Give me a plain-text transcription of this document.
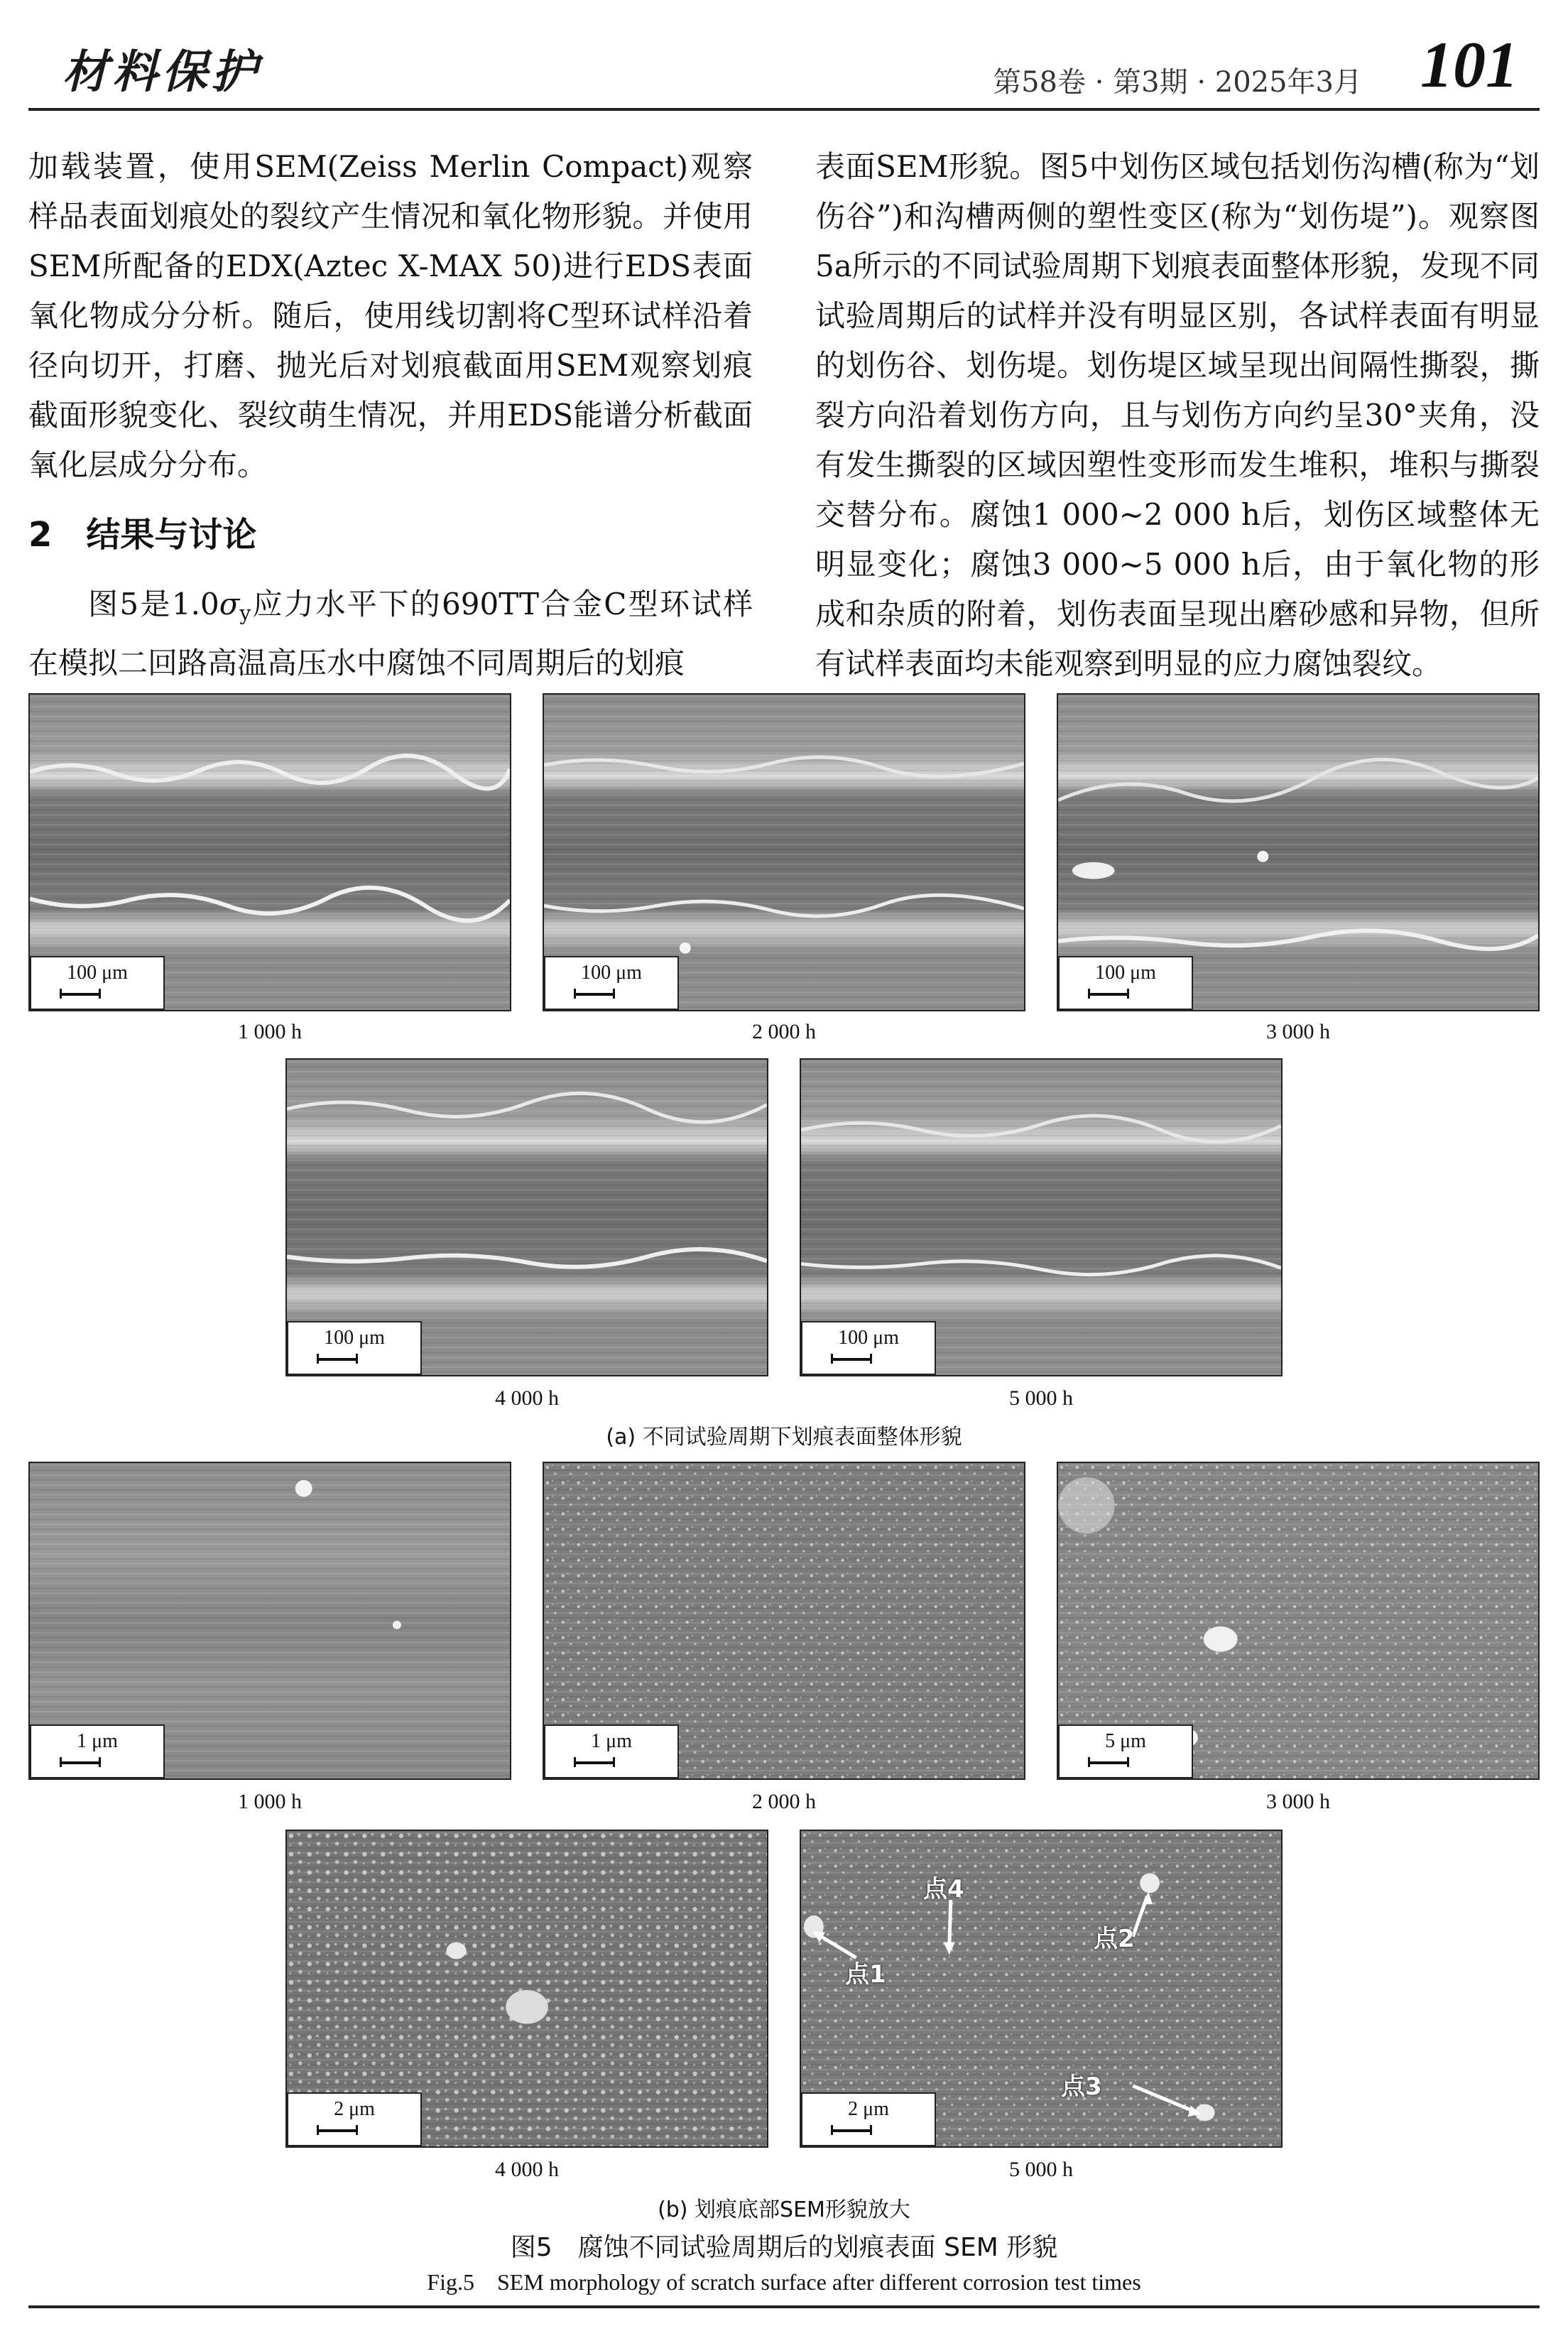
材料保护	第58卷 · 第3期 · 2025年3月 101

加载装置，使用SEM(Zeiss Merlin Compact)观察样品表面划痕处的裂纹产生情况和氧化物形貌。并使用SEM所配备的EDX(Aztec X-MAX 50)进行EDS表面氧化物成分分析。随后，使用线切割将C型环试样沿着径向切开，打磨、抛光后对划痕截面用SEM观察划痕截面形貌变化、裂纹萌生情况，并用EDS能谱分析截面氧化层成分分布。

2　结果与讨论

图5是$1.0\sigma_y$应力水平下的690TT合金C型环试样在模拟二回路高温高压水中腐蚀不同周期后的划痕

表面SEM形貌。图5中划伤区域包括划伤沟槽(称为“划伤谷”)和沟槽两侧的塑性变区(称为“划伤堤”)。观察图5a所示的不同试验周期下划痕表面整体形貌，发现不同试验周期后的试样并没有明显区别，各试样表面有明显的划伤谷、划伤堤。划伤堤区域呈现出间隔性撕裂，撕裂方向沿着划伤方向，且与划伤方向约呈30°夹角，没有发生撕裂的区域因塑性变形而发生堆积，堆积与撕裂交替分布。腐蚀1 000~2 000 h后，划伤区域整体无明显变化；腐蚀3 000~5 000 h后，由于氧化物的形成和杂质的附着，划伤表面呈现出磨砂感和异物，但所有试样表面均未能观察到明显的应力腐蚀裂纹。

100 μm	100 μm	100 μm
1 000 h	2 000 h	3 000 h
100 μm	100 μm
4 000 h	5 000 h
(a) 不同试验周期下划痕表面整体形貌
1 μm	1 μm	5 μm
1 000 h	2 000 h	3 000 h
2 μm
点1
点2
点3
点4
2 μm
4 000 h	5 000 h
(b) 划痕底部SEM形貌放大
图5　腐蚀不同试验周期后的划痕表面 SEM 形貌
Fig.5　SEM morphology of scratch surface after different corrosion test times
